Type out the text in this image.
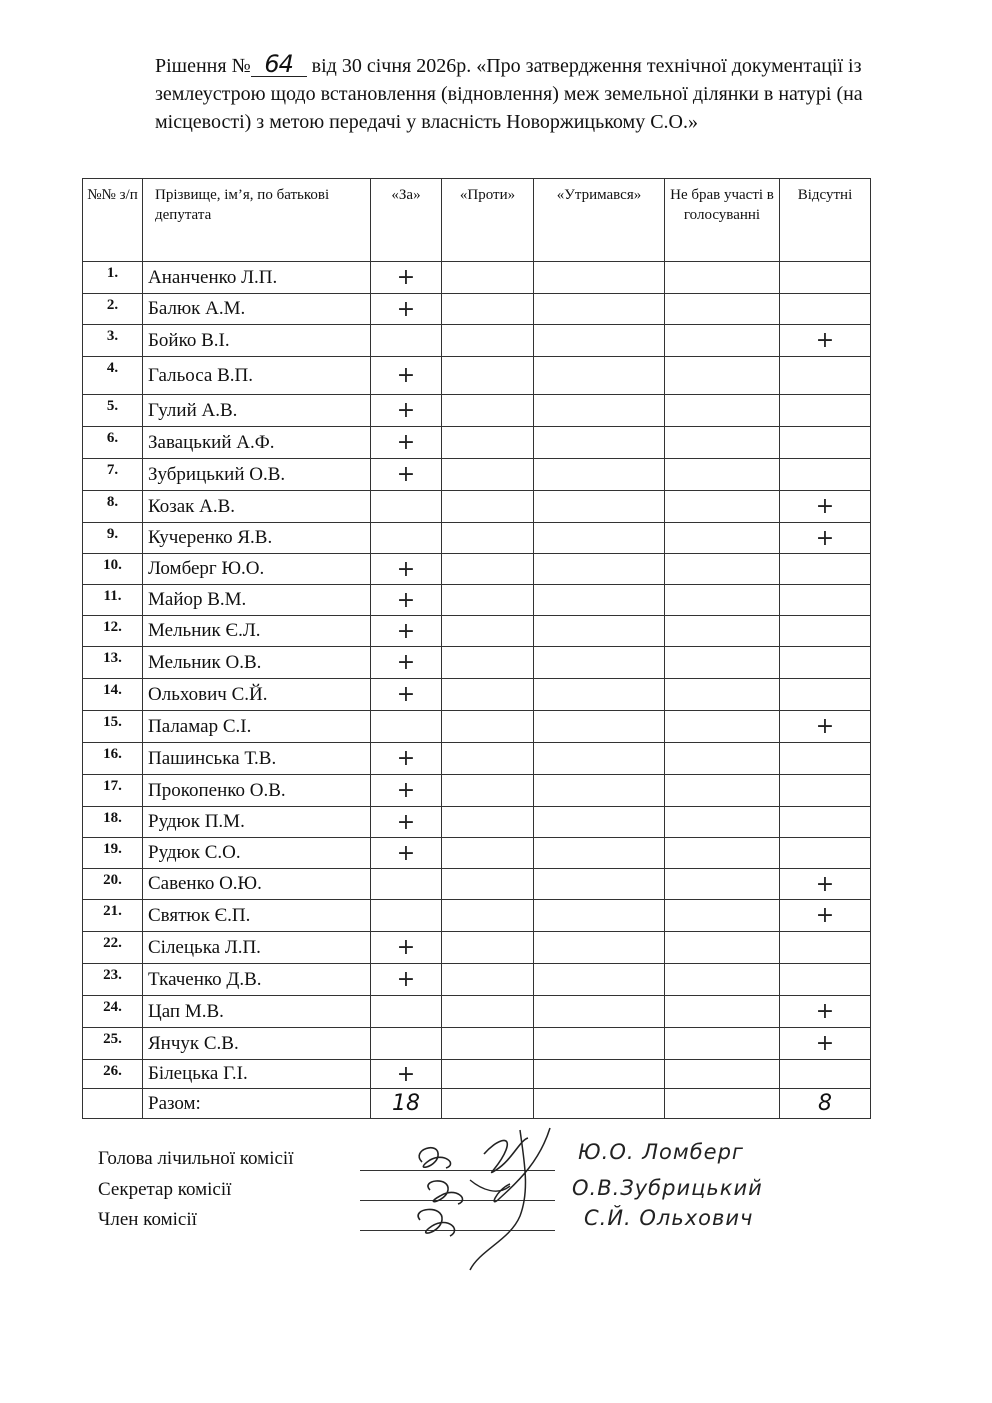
Рішення № 64 від 30 січня 2026р. «Про затвердження технічної документації із землеустрою щодо встановлення (відновлення) меж земельної ділянки в натурі (на місцевості) з метою передачі у власність Новоржицькому С.О.»
№№ з/п	Прізвище, ім’я, по батькові депутата	«За»	«Проти»	«Утримався»	Не брав участі в голосуванні	Відсутні
1.	Ананченко Л.П.	+				
2.	Балюк А.М.	+				
3.	Бойко В.І.					+
4.	Гальоса В.П.	+				
5.	Гулий А.В.	+				
6.	Завацький А.Ф.	+				
7.	Зубрицький О.В.	+				
8.	Козак А.В.					+
9.	Кучеренко Я.В.					+
10.	Ломберг Ю.О.	+				
11.	Майор В.М.	+				
12.	Мельник Є.Л.	+				
13.	Мельник О.В.	+				
14.	Ольхович С.Й.	+				
15.	Паламар С.І.					+
16.	Пашинська Т.В.	+				
17.	Прокопенко О.В.	+				
18.	Рудюк П.М.	+				
19.	Рудюк С.О.	+				
20.	Савенко О.Ю.					+
21.	Святюк Є.П.					+
22.	Сілецька Л.П.	+				
23.	Ткаченко Д.В.	+				
24.	Цап М.В.					+
25.	Янчук С.В.					+
26.	Білецька Г.І.	+				
	Разом:	18				8
Голова лічильної комісії
Секретар комісії
Член комісії
Ю.О. Ломберг
О.В.Зубрицький
С.Й. Ольхович
